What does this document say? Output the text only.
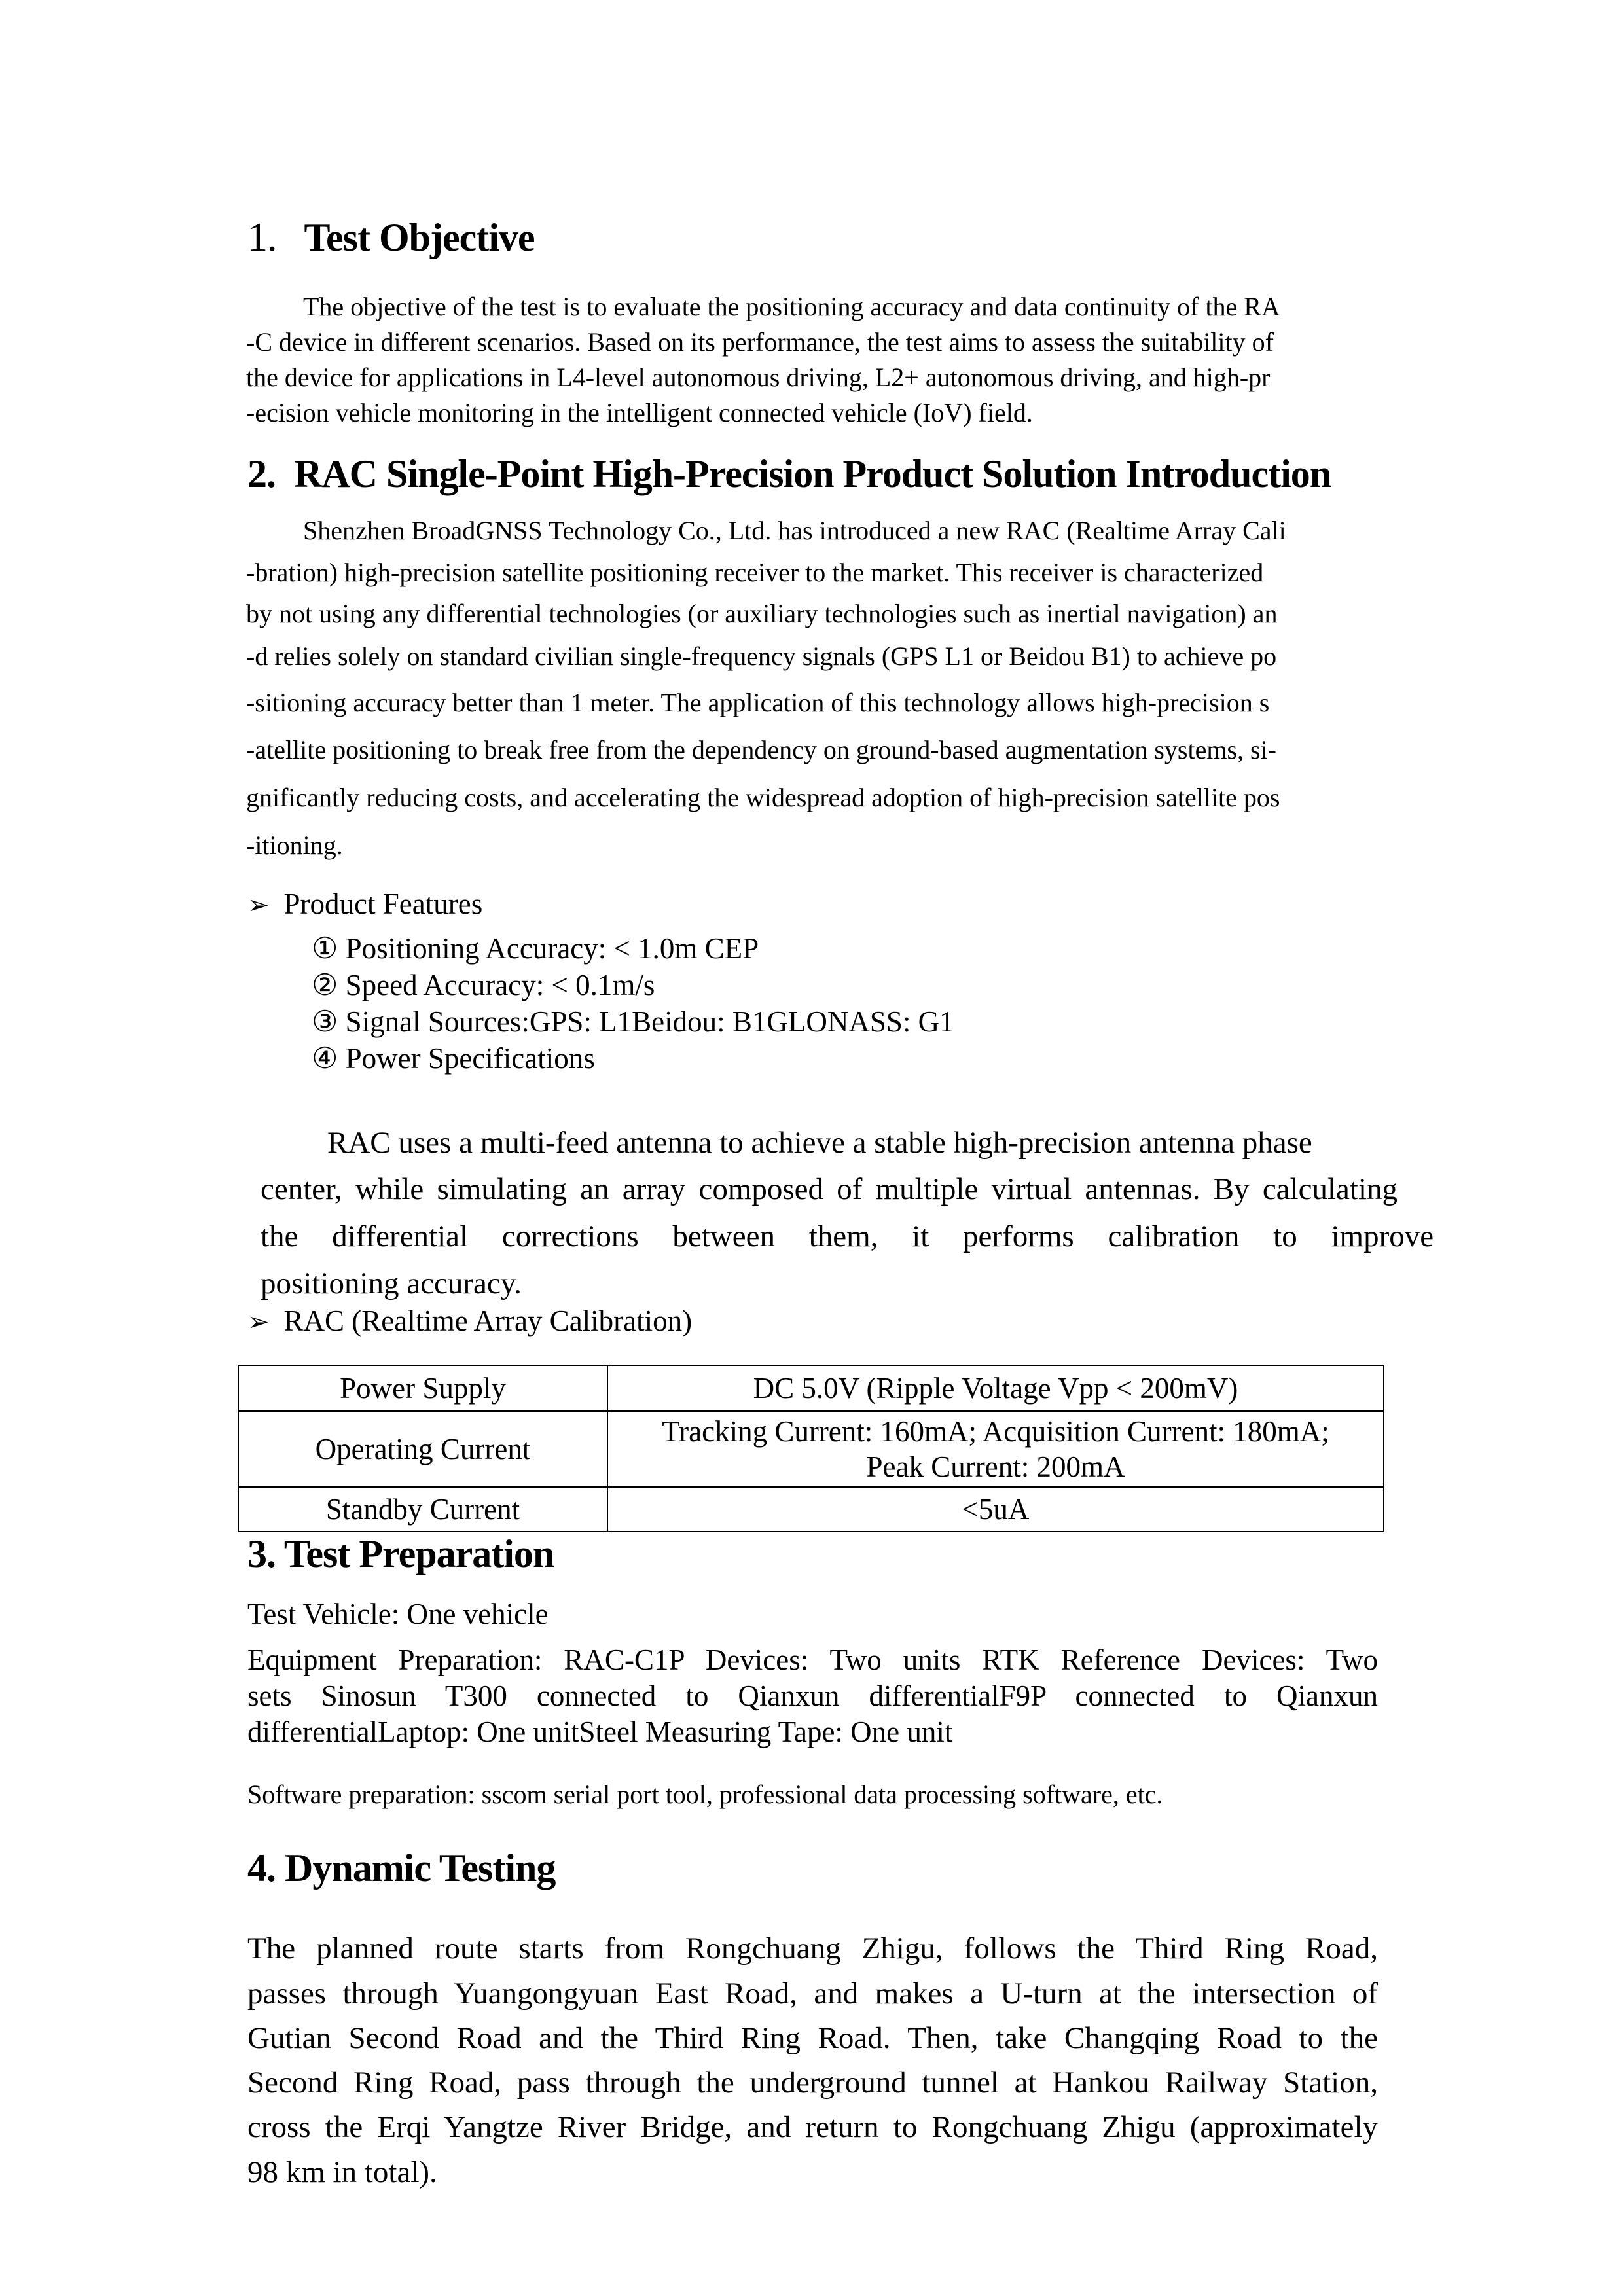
1. Test Objective
The objective of the test is to evaluate the positioning accuracy and data continuity of the RA
-C device in different scenarios. Based on its performance, the test aims to assess the suitability of
the device for applications in L4-level autonomous driving, L2+ autonomous driving, and high-pr
-ecision vehicle monitoring in the intelligent connected vehicle (IoV) field.
2.  RAC Single-Point High-Precision Product Solution Introduction
Shenzhen BroadGNSS Technology Co., Ltd. has introduced a new RAC (Realtime Array Cali
-bration) high-precision satellite positioning receiver to the market. This receiver is characterized
by not using any differential technologies (or auxiliary technologies such as inertial navigation) an
-d relies solely on standard civilian single-frequency signals (GPS L1 or Beidou B1) to achieve po
-sitioning accuracy better than 1 meter. The application of this technology allows high-precision s
-atellite positioning to break free from the dependency on ground-based augmentation systems, si-
gnificantly reducing costs, and accelerating the widespread adoption of high-precision satellite pos
-itioning.
➢ Product Features
① Positioning Accuracy: < 1.0m CEP
② Speed Accuracy: < 0.1m/s
③ Signal Sources:GPS: L1Beidou: B1GLONASS: G1
④ Power Specifications
RAC uses a multi-feed antenna to achieve a stable high-precision antenna phase
center, while simulating an array composed of multiple virtual antennas. By calculating
the differential corrections between them, it performs calibration to improve
positioning accuracy.
➢ RAC (Realtime Array Calibration)
Power Supply	DC 5.0V (Ripple Voltage Vpp < 200mV)
Operating Current	Tracking Current: 160mA; Acquisition Current: 180mA;
Peak Current: 200mA

Standby Current	<5uA
3. Test Preparation
Test Vehicle: One vehicle
Equipment Preparation: RAC-C1P Devices: Two units RTK Reference Devices: Two
sets Sinosun T300 connected to Qianxun differentialF9P connected to Qianxun
differentialLaptop: One unitSteel Measuring Tape: One unit
Software preparation: sscom serial port tool, professional data processing software, etc.
4. Dynamic Testing
The planned route starts from Rongchuang Zhigu, follows the Third Ring Road,
passes through Yuangongyuan East Road, and makes a U-turn at the intersection of
Gutian Second Road and the Third Ring Road. Then, take Changqing Road to the
Second Ring Road, pass through the underground tunnel at Hankou Railway Station,
cross the Erqi Yangtze River Bridge, and return to Rongchuang Zhigu (approximately
98 km in total).
